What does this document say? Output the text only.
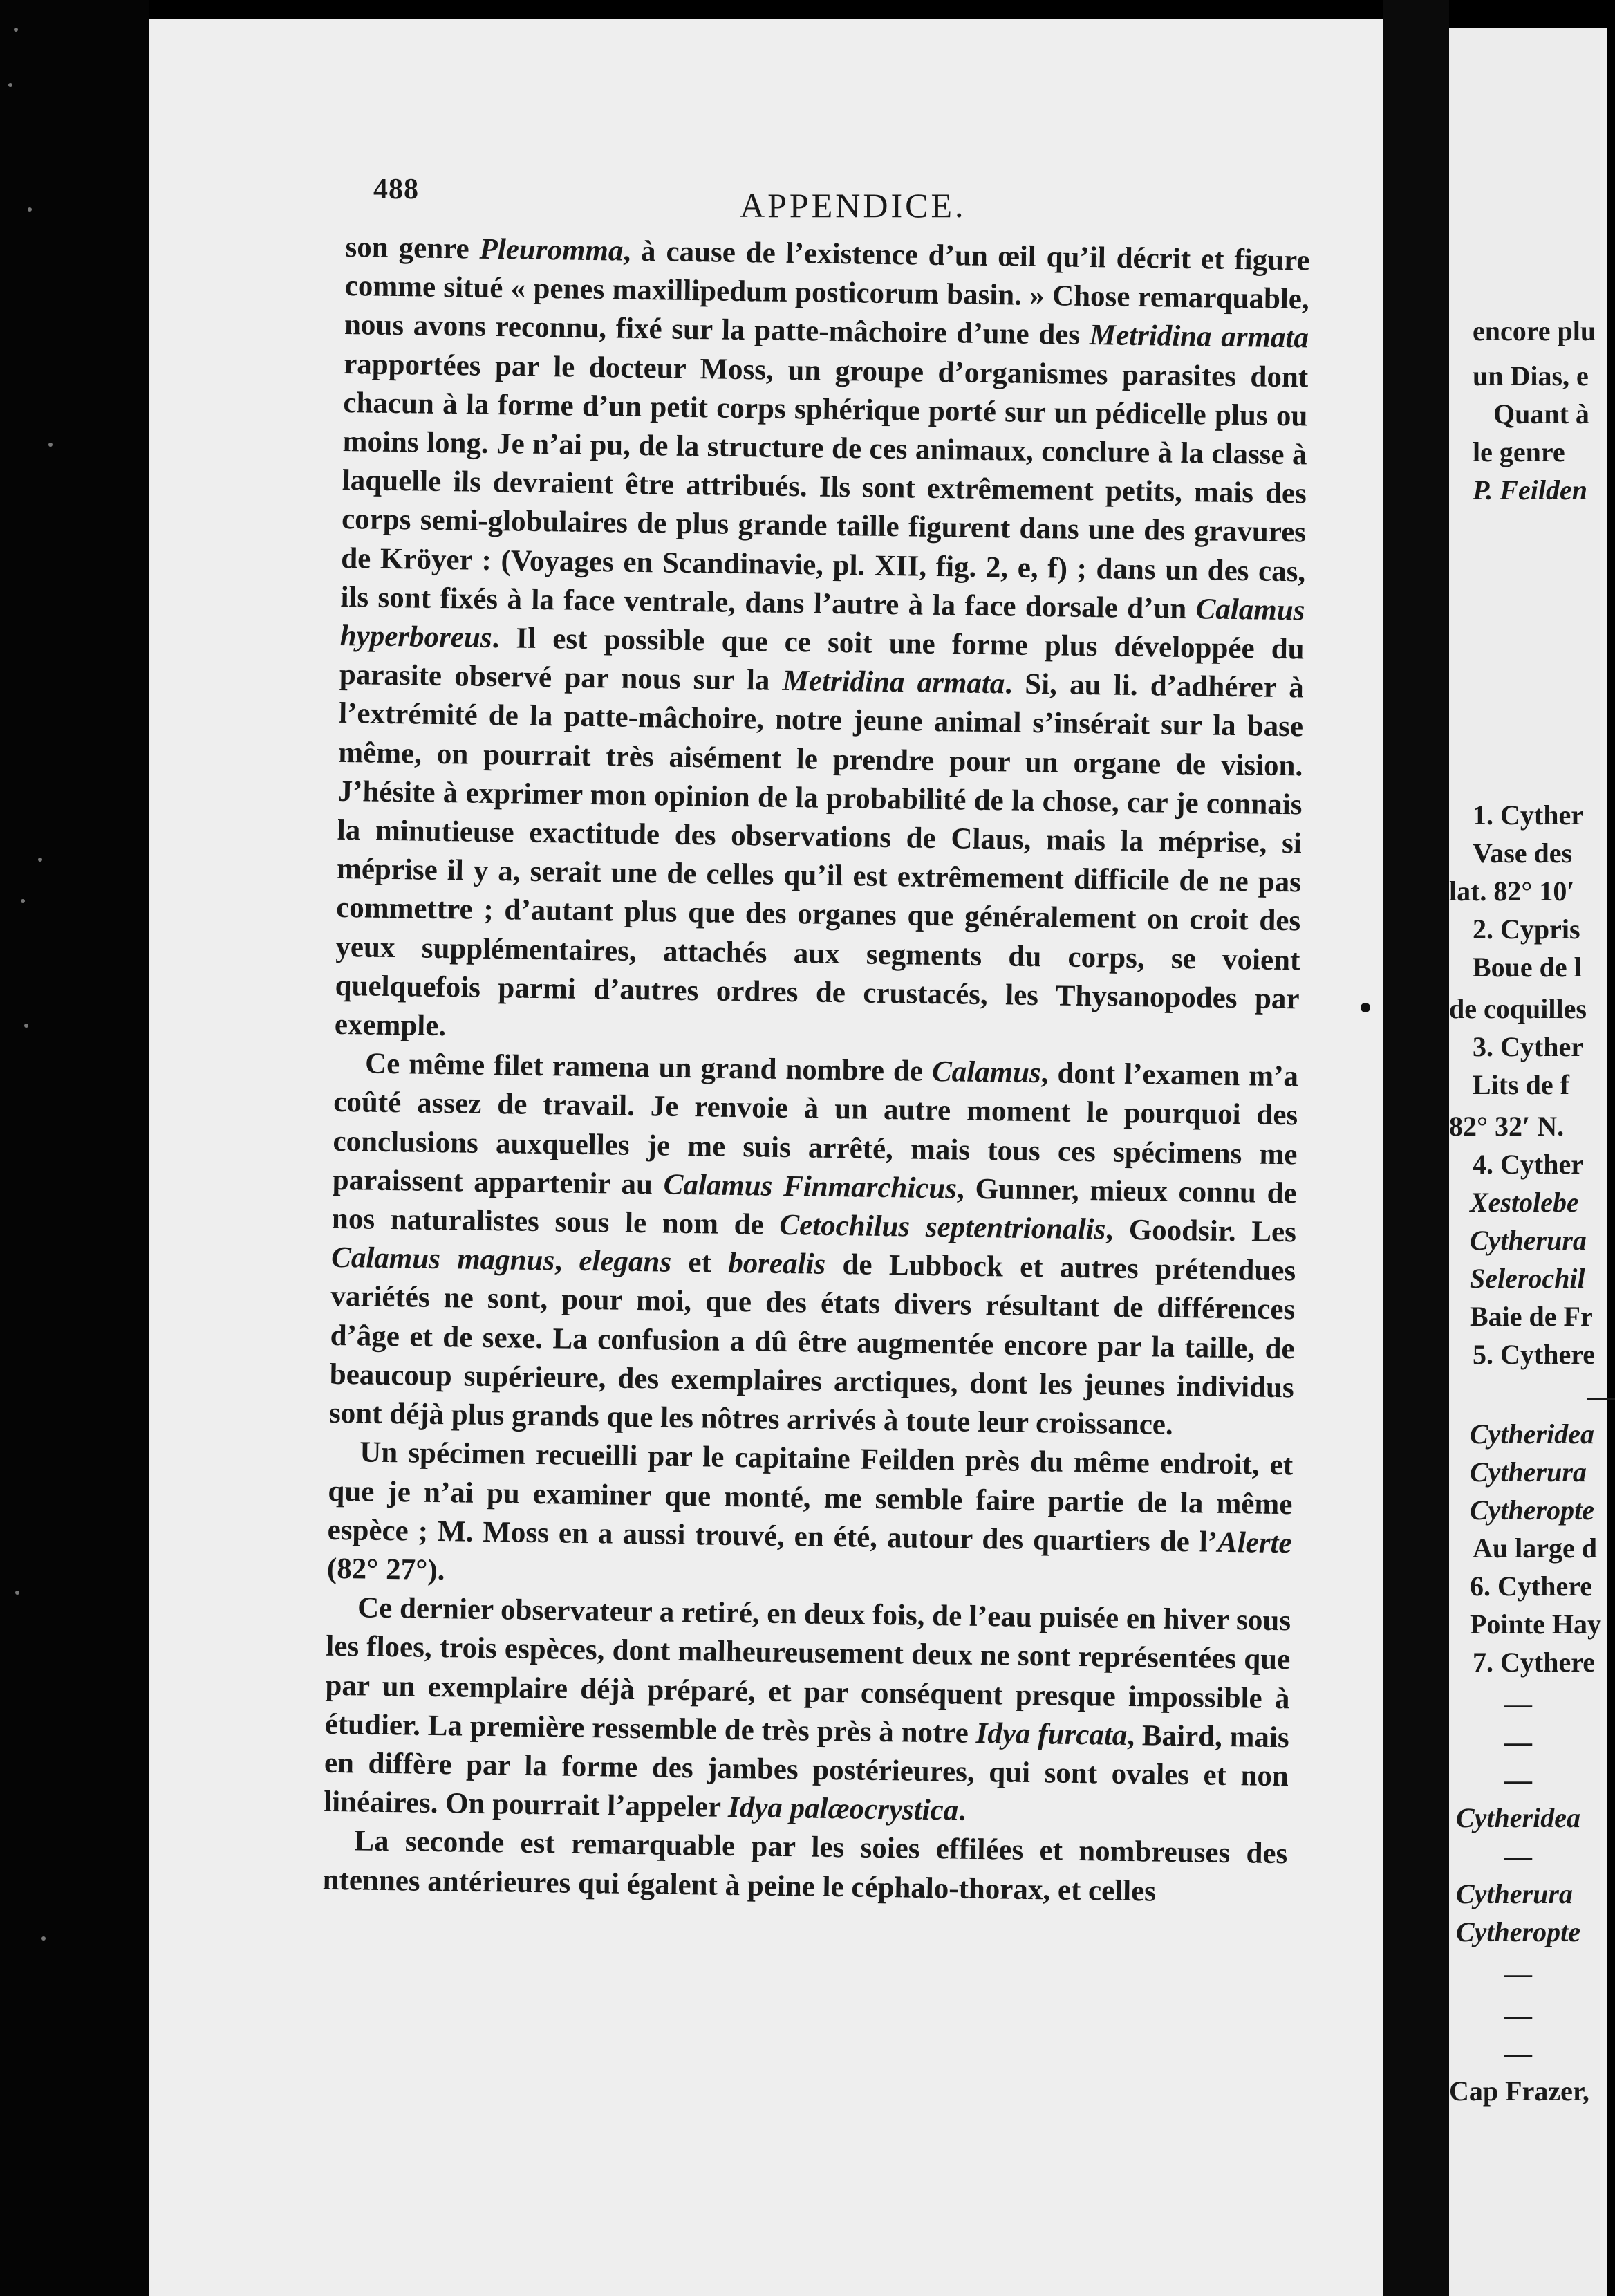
encore plu
un Dias, e
Quant à
le genre
P. Feilden
1. Cyther
Vase des
lat. 82° 10′
2. Cypris
Boue de l
de coquilles
3. Cyther
Lits de f
82° 32′ N.
4. Cyther
Xestolebe
Cytherura
Selerochil
Baie de Fr
5. Cythere
—
Cytheridea
Cytherura
Cytheropte
Au large d
6. Cythere
Pointe Hay
7. Cythere
—
—
—
Cytheridea
—
Cytherura
Cytheropte
—
—
—
Cap Frazer,
488	APPENDICE.

son genre Pleuromma, à cause de l’existence d’un œil qu’il décrit et figure comme situé « penes maxillipedum posticorum basin. » Chose remarquable, nous avons reconnu, fixé sur la patte-mâchoire d’une des Metridina armata rapportées par le docteur Moss, un groupe d’organismes parasites dont chacun à la forme d’un petit corps sphérique porté sur un pédicelle plus ou moins long. Je n’ai pu, de la structure de ces animaux, conclure à la classe à laquelle ils devraient être attribués. Ils sont extrêmement petits, mais des corps semi-globulaires de plus grande taille figurent dans une des gravures de Kröyer : (Voyages en Scandinavie, pl. XII, fig. 2, e, f) ; dans un des cas, ils sont fixés à la face ventrale, dans l’autre à la face dorsale d’un Calamus hyperboreus. Il est possible que ce soit une forme plus développée du parasite observé par nous sur la Metridina armata. Si, au li. d’adhérer à l’extrémité de la patte-mâchoire, notre jeune animal s’insérait sur la base même, on pourrait très aisément le prendre pour un organe de vision. J’hésite à exprimer mon opinion de la probabilité de la chose, car je connais la minutieuse exactitude des observations de Claus, mais la méprise, si méprise il y a, serait une de celles qu’il est extrêmement difficile de ne pas commettre ; d’autant plus que des organes que généralement on croit des yeux supplémentaires, attachés aux segments du corps, se voient quelquefois parmi d’autres ordres de crustacés, les Thysanopodes par exemple.

Ce même filet ramena un grand nombre de Calamus, dont l’examen m’a coûté assez de travail. Je renvoie à un autre moment le pourquoi des conclusions auxquelles je me suis arrêté, mais tous ces spécimens me paraissent appartenir au Calamus Finmarchicus, Gunner, mieux connu de nos naturalistes sous le nom de Cetochilus septentrionalis, Goodsir. Les Calamus magnus, elegans et borealis de Lubbock et autres prétendues variétés ne sont, pour moi, que des états divers résultant de différences d’âge et de sexe. La confusion a dû être augmentée encore par la taille, de beaucoup supérieure, des exemplaires arctiques, dont les jeunes individus sont déjà plus grands que les nôtres arrivés à toute leur croissance.

Un spécimen recueilli par le capitaine Feilden près du même endroit, et que je n’ai pu examiner que monté, me semble faire partie de la même espèce ; M. Moss en a aussi trouvé, en été, autour des quartiers de l’Alerte (82° 27°).

Ce dernier observateur a retiré, en deux fois, de l’eau puisée en hiver sous les floes, trois espèces, dont malheureusement deux ne sont représentées que par un exemplaire déjà préparé, et par conséquent presque impossible à étudier. La première ressemble de très près à notre Idya furcata, Baird, mais en diffère par la forme des jambes postérieures, qui sont ovales et non linéaires. On pourrait l’appeler Idya palæocrystica.

La seconde est remarquable par les soies effilées et nombreuses des ntennes antérieures qui égalent à peine le céphalo-thorax, et celles
